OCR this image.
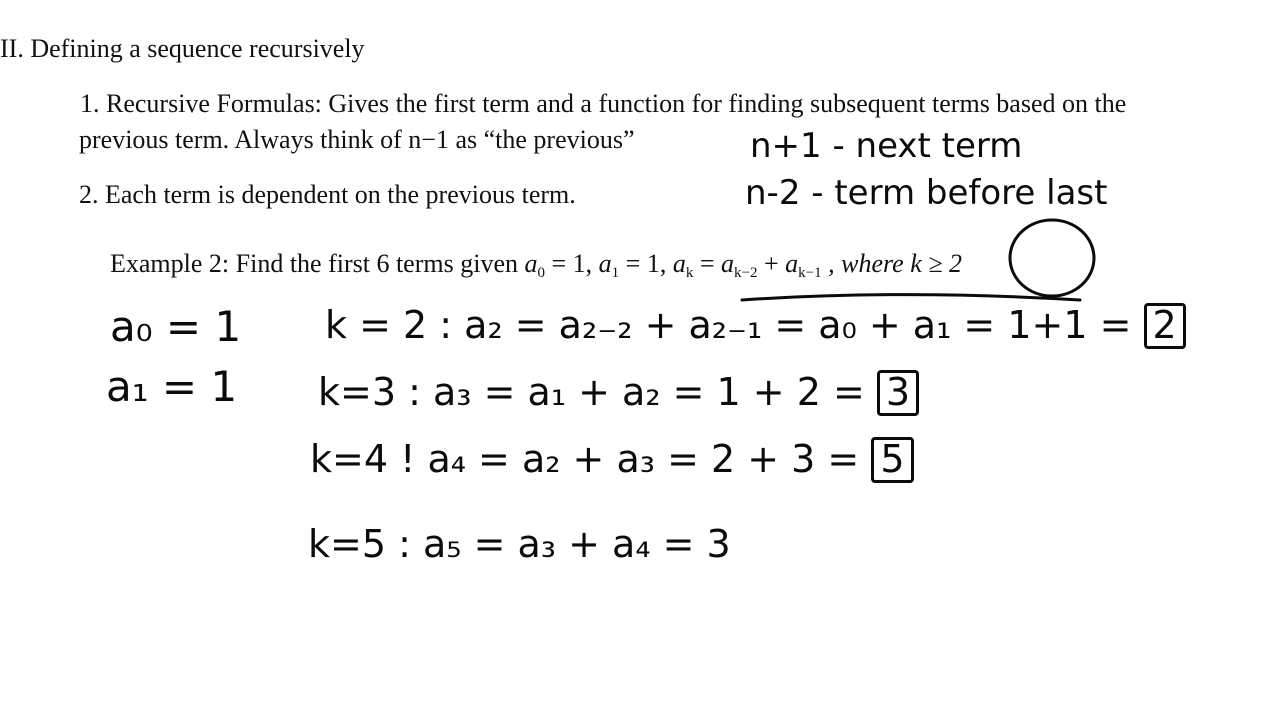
II. Defining a sequence recursively
1. Recursive Formulas: Gives the first term and a function for finding subsequent terms based on the
previous term. Always think of n−1 as “the previous”
2. Each term is dependent on the previous term.
Example 2: Find the first 6 terms given $a_0 = 1$, $a_1 = 1$, $a_k = a_{k-2} + a_{k-1}$ , where k ≥ 2
n+1 - next term
n-2 - term before last
a₀ = 1
a₁ = 1
k = 2 : a₂ = a₂₋₂ + a₂₋₁ = a₀ + a₁ = 1+1 = 2
k=3 : a₃ = a₁ + a₂ = 1 + 2 = 3
k=4 ! a₄ = a₂ + a₃ = 2 + 3 = 5
k=5 : a₅ = a₃ + a₄ = 3
